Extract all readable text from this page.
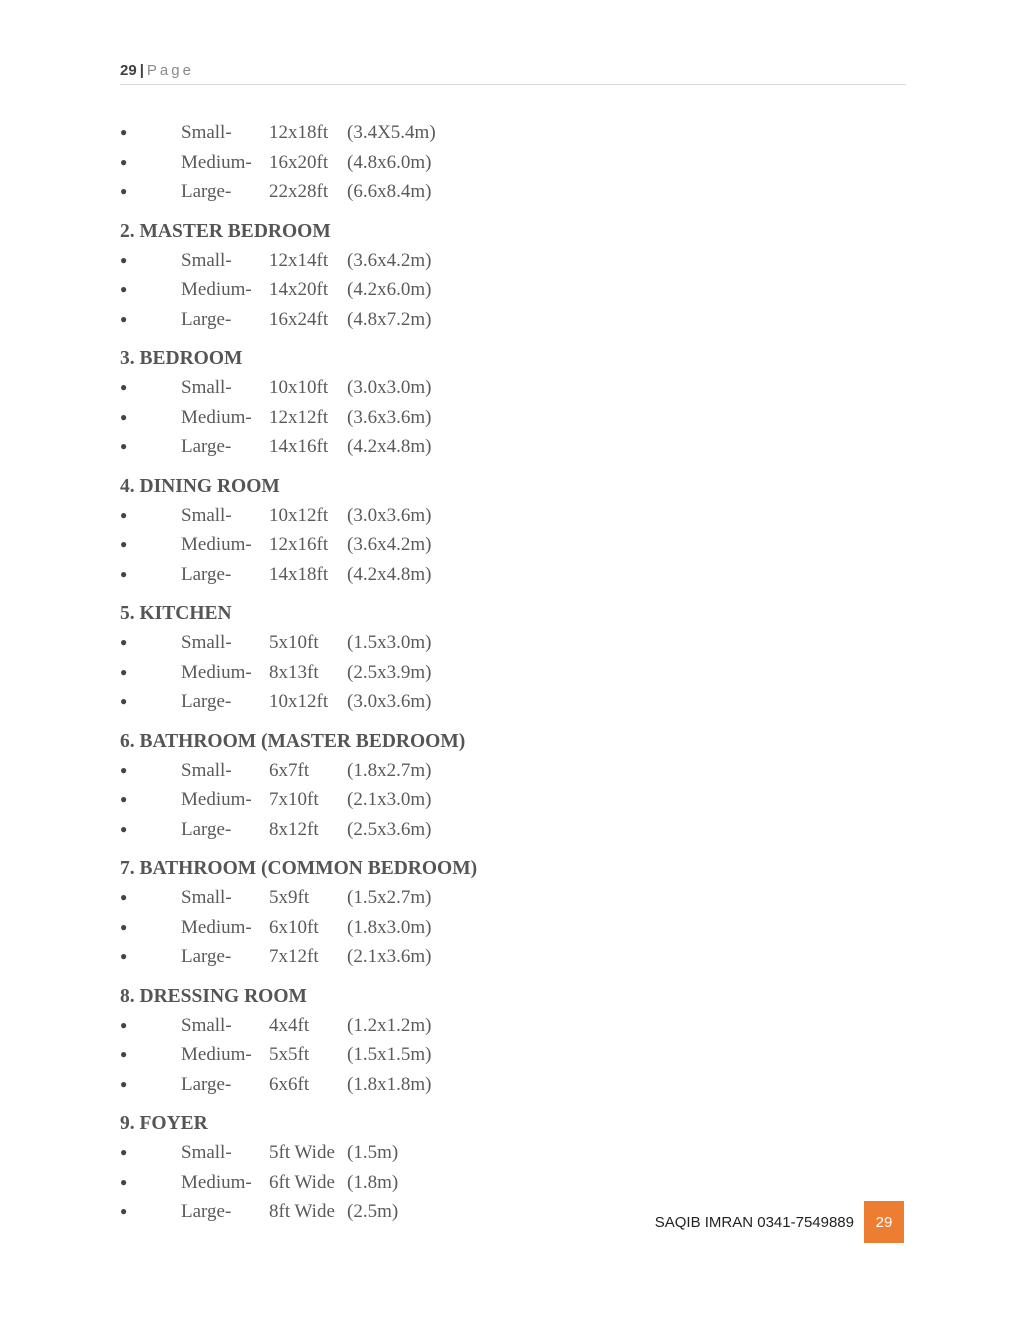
29 | Page
●	Small- 12x18ft (3.4X5.4m)
●	Medium- 16x20ft (4.8x6.0m)
●	Large- 22x28ft (6.6x8.4m)
2. MASTER BEDROOM
●	Small- 12x14ft (3.6x4.2m)
●	Medium- 14x20ft (4.2x6.0m)
●	Large- 16x24ft (4.8x7.2m)
3. BEDROOM
●	Small- 10x10ft (3.0x3.0m)
●	Medium- 12x12ft (3.6x3.6m)
●	Large- 14x16ft (4.2x4.8m)
4. DINING ROOM
●	Small- 10x12ft (3.0x3.6m)
●	Medium- 12x16ft (3.6x4.2m)
●	Large- 14x18ft (4.2x4.8m)
5. KITCHEN
●	Small- 5x10ft (1.5x3.0m)
●	Medium- 8x13ft (2.5x3.9m)
●	Large- 10x12ft (3.0x3.6m)
6. BATHROOM (MASTER BEDROOM)
●	Small- 6x7ft (1.8x2.7m)
●	Medium- 7x10ft (2.1x3.0m)
●	Large- 8x12ft (2.5x3.6m)
7. BATHROOM (COMMON BEDROOM)
●	Small- 5x9ft (1.5x2.7m)
●	Medium- 6x10ft (1.8x3.0m)
●	Large- 7x12ft (2.1x3.6m)
8. DRESSING ROOM
●	Small- 4x4ft (1.2x1.2m)
●	Medium- 5x5ft (1.5x1.5m)
●	Large- 6x6ft (1.8x1.8m)
9. FOYER
●	Small- 5ft Wide (1.5m)
●	Medium- 6ft Wide (1.8m)
●	Large- 8ft Wide (2.5m)	SAQIB IMRAN 0341-7549889	29
